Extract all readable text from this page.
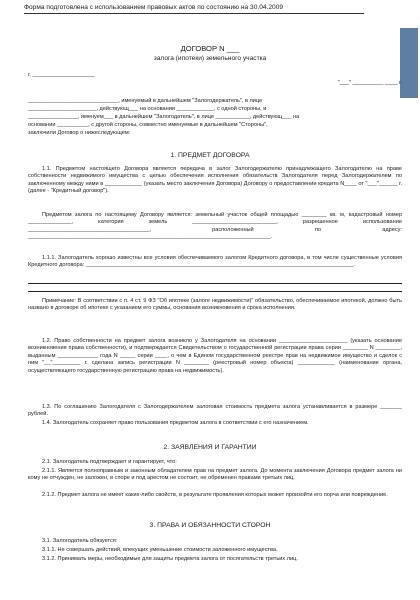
Форма подготовлена с использованием правовых актов по состоянию на 30.04.2009
ДОГОВОР N ___
залога (ипотеки) земельного участка
г. ____________________
"___" __________ ____ г.
_____________________________, именуемый в дальнейшем "Залогодержатель", в лице
______________________, действующ___ на основании ____________, с одной стороны, и
________________, именуем___ в дальнейшем "Залогодатель", в лице ___________, действующ___ на
основании __________, с другой стороны, совместно именуемые в дальнейшем "Стороны",
заключили Договор о нижеследующем:
1. ПРЕДМЕТ ДОГОВОРА
1.1. Предметом настоящего Договора является передача в залог Залогодержателю принадлежащего Залогодателю на праве собственности недвижимого имущества с целью обеспечения исполнения обязательств Залогодателя перед Залогодержателем по заключенному между ними в ____________ (указать место заключения Договора) Договору о предоставлении кредита N____ от "___"______ г. (далее - "Кредитный договор").
Предметом залога по настоящему Договору является: земельный участок общей площадью ________ кв. м, кадастровый номер ______________, категория земель ___________________________, разрешенное использование _______________________________________, расположенный по адресу: ______________________________________________________________________________.
1.1.1. Залогодатель хорошо известны все условия обеспечиваемого залогом Кредитного договора, в том числе существенные условия Кредитного договора: ______________________________________________________________________________________.
Примечание: В соответствии с п. 4 ст. 9 ФЗ "Об ипотеке (залоге недвижимости)" обязательство, обеспечиваемое ипотекой, должно быть названо в договоре об ипотеке с указанием его суммы, основания возникновения и срока исполнения.
1.2. Право собственности на предмет залога возникло у Залогодателя на основании ______________________ (указать основание возникновения права собственности), и подтверждается Свидетельством о государственной регистрации права серии ________ N ________, выданным _____________ года N _____ серии ____, о чем в Едином государственном реестре прав на недвижимое имущество и сделок с ним "__"_________ г. сделана запись регистрации N ________ (реестровый номер объекта) ____________ (наименование органа, осуществляющего государственную регистрацию права на недвижимость).
1.3. По соглашению Залогодателя с Залогодержателем залоговая стоимость предмета залога устанавливается в размере _______ рублей.
1.4. Залогодатель сохраняет право пользования предметом залога в соответствии с его назначением.
2. ЗАЯВЛЕНИЯ И ГАРАНТИИ
2.1. Залогодатель подтверждает и гарантирует, что:
2.1.1. Является полноправным и законным обладателем прав на предмет залога. До момента заключения Договора предмет залога ни кому не отчужден, не заложен, в споре и под арестом не состоит, не обременен правами третьих лиц.
2.1.2. Предмет залога не имеет каких-либо свойств, в результате проявления которых может произойти его порча или повреждение.
3. ПРАВА И ОБЯЗАННОСТИ СТОРОН
3.1. Залогодатель обязуется:
3.1.1. Не совершать действий, влекущих уменьшение стоимости заложенного имущества.
3.1.2. Принимать меры, необходимые для защиты предмета залога от посягательств третьих лиц.
